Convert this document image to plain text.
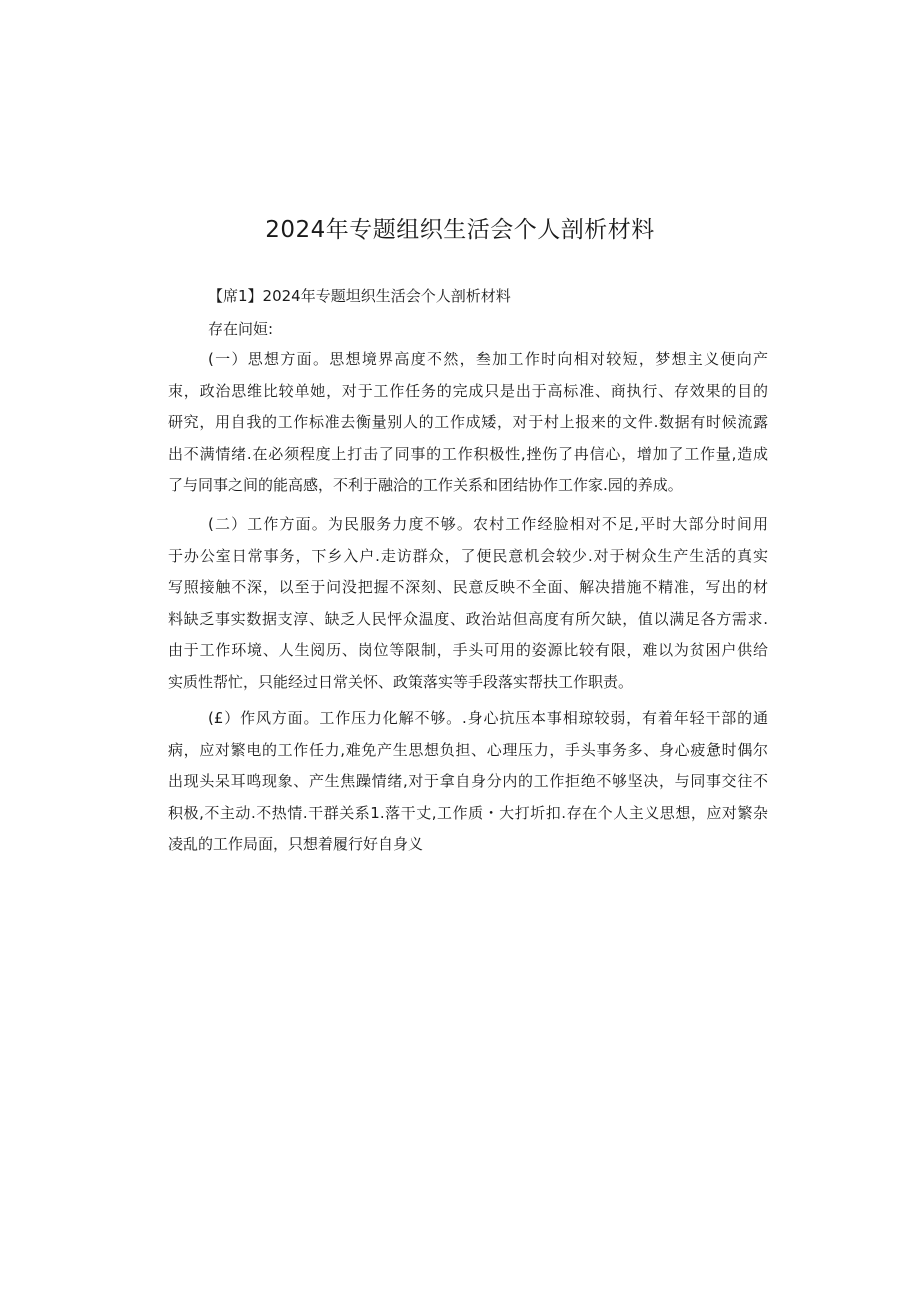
2024年专题组织生活会个人剖析材料

【席1】2024年专题坦织生活会个人剖析材料

存在问姮:

(一）思想方面。思想境界高度不然，叁加工作时向相对较短，梦想主义便向产
朿，政治思维比较单她，对于工作任务的完成只是出于高标准、商执行、存效果的目的
研究，用自我的工作标准去衡量别人的工作成矮，对于村上报来的文件.数据有时候流露
出不满情绪.在必须程度上打击了同事的工作积极性,挫伤了冉信心，增加了工作量,造成
了与同事之间的能高感，不利于融洽的工作关系和团结协作工作家.园的养成。
(二）工作方面。为民服务力度不够。农村工作经脸相对不足,平时大部分时间用
于办公室日常事务，下乡入户.走访群众，了便民意机会较少.对于树众生产生活的真实
写照接触不深，以至于问没把握不深刻、民意反映不全面、解决措施不精准，写出的材
料缺乏事实数据支淳、缺乏人民怦众温度、政治站但高度有所欠缺，值以满足各方需求.
由于工作环境、人生阅历、岗位等限制，手头可用的姿源比较有限，难以为贫困户供给
实质性帮忙，只能经过日常关怀、政策落实等手段落实帮扶工作职责。
(£）作风方面。工作压力化解不够。.身心抗压本事相琼较弱，有着年轻干部的通
病，应对繁电的工作任力,难免产生思想负担、心理压力，手头事务多、身心疲惫时偶尔
出现头呆耳鸣现象、产生焦躁情绪,对于拿自身分内的工作拒绝不够坚决，与同事交往不
积极,不主动.不热情.干群关系1.落干丈,工作质・大打圻扣.存在个人主义思想，应对繁杂
凌乱的工作局面，只想着履行好自身义
